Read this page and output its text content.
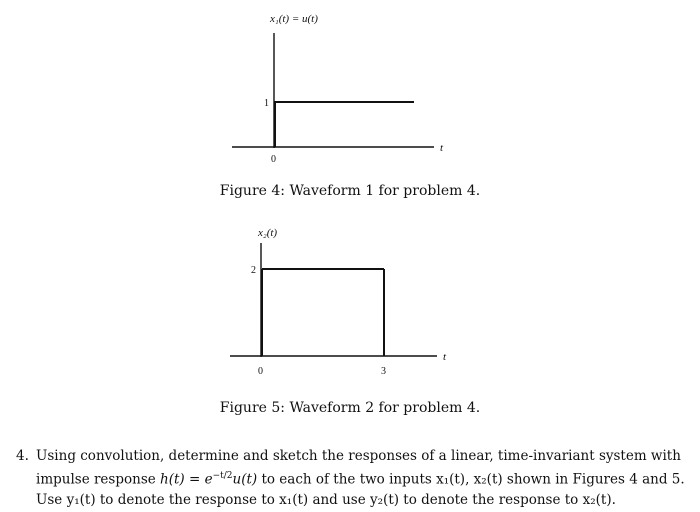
x₁(t) = u(t)
1
0
t
x₂(t)
2
0	3
t
Figure 4: Waveform 1 for problem 4.
Figure 5: Waveform 2 for problem 4.
4. Using convolution, determine and sketch the responses of a linear, time-invariant system with impulse response $h(t) = e^{-t/2}u(t)$ to each of the two inputs x₁(t), x₂(t) shown in Figures 4 and 5. Use y₁(t) to denote the response to x₁(t) and use y₂(t) to denote the response to x₂(t).
